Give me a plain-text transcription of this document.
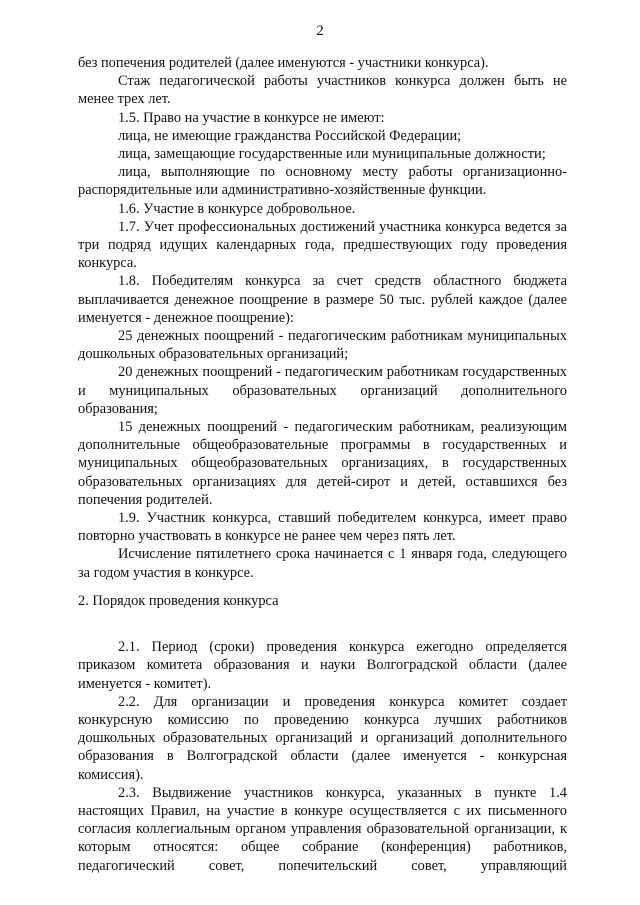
2

без попечения родителей (далее именуются - участники конкурса).

Стаж педагогической работы участников конкурса должен быть не менее трех лет.

1.5. Право на участие в конкурсе не имеют:

лица, не имеющие гражданства Российской Федерации;

лица, замещающие государственные или муниципальные должности;

лица, выполняющие по основному месту работы организационно-распорядительные или административно-хозяйственные функции.

1.6. Участие в конкурсе добровольное.

1.7. Учет профессиональных достижений участника конкурса ведется за три подряд идущих календарных года, предшествующих году проведения конкурса.

1.8. Победителям конкурса за счет средств областного бюджета выплачивается денежное поощрение в размере 50 тыс. рублей каждое (далее именуется - денежное поощрение):

25 денежных поощрений - педагогическим работникам муниципальных дошкольных образовательных организаций;

20 денежных поощрений - педагогическим работникам государственных и муниципальных образовательных организаций дополнительного образования;

15 денежных поощрений - педагогическим работникам, реализующим дополнительные общеобразовательные программы в государственных и муниципальных общеобразовательных организациях, в государственных образовательных организациях для детей-сирот и детей, оставшихся без попечения родителей.

1.9. Участник конкурса, ставший победителем конкурса, имеет право повторно участвовать в конкурсе не ранее чем через пять лет.

Исчисление пятилетнего срока начинается с 1 января года, следующего за годом участия в конкурсе.

2. Порядок проведения конкурса

2.1. Период (сроки) проведения конкурса ежегодно определяется приказом комитета образования и науки Волгоградской области (далее именуется - комитет).

2.2. Для организации и проведения конкурса комитет создает конкурсную комиссию по проведению конкурса лучших работников дошкольных образовательных организаций и организаций дополнительного образования в Волгоградской области (далее именуется - конкурсная комиссия).

2.3. Выдвижение участников конкурса, указанных в пункте 1.4 настоящих Правил, на участие в конкуре осуществляется с их письменного согласия коллегиальным органом управления образовательной организации, к которым относятся: общее собрание (конференция) работников, педагогический совет, попечительский совет, управляющий
